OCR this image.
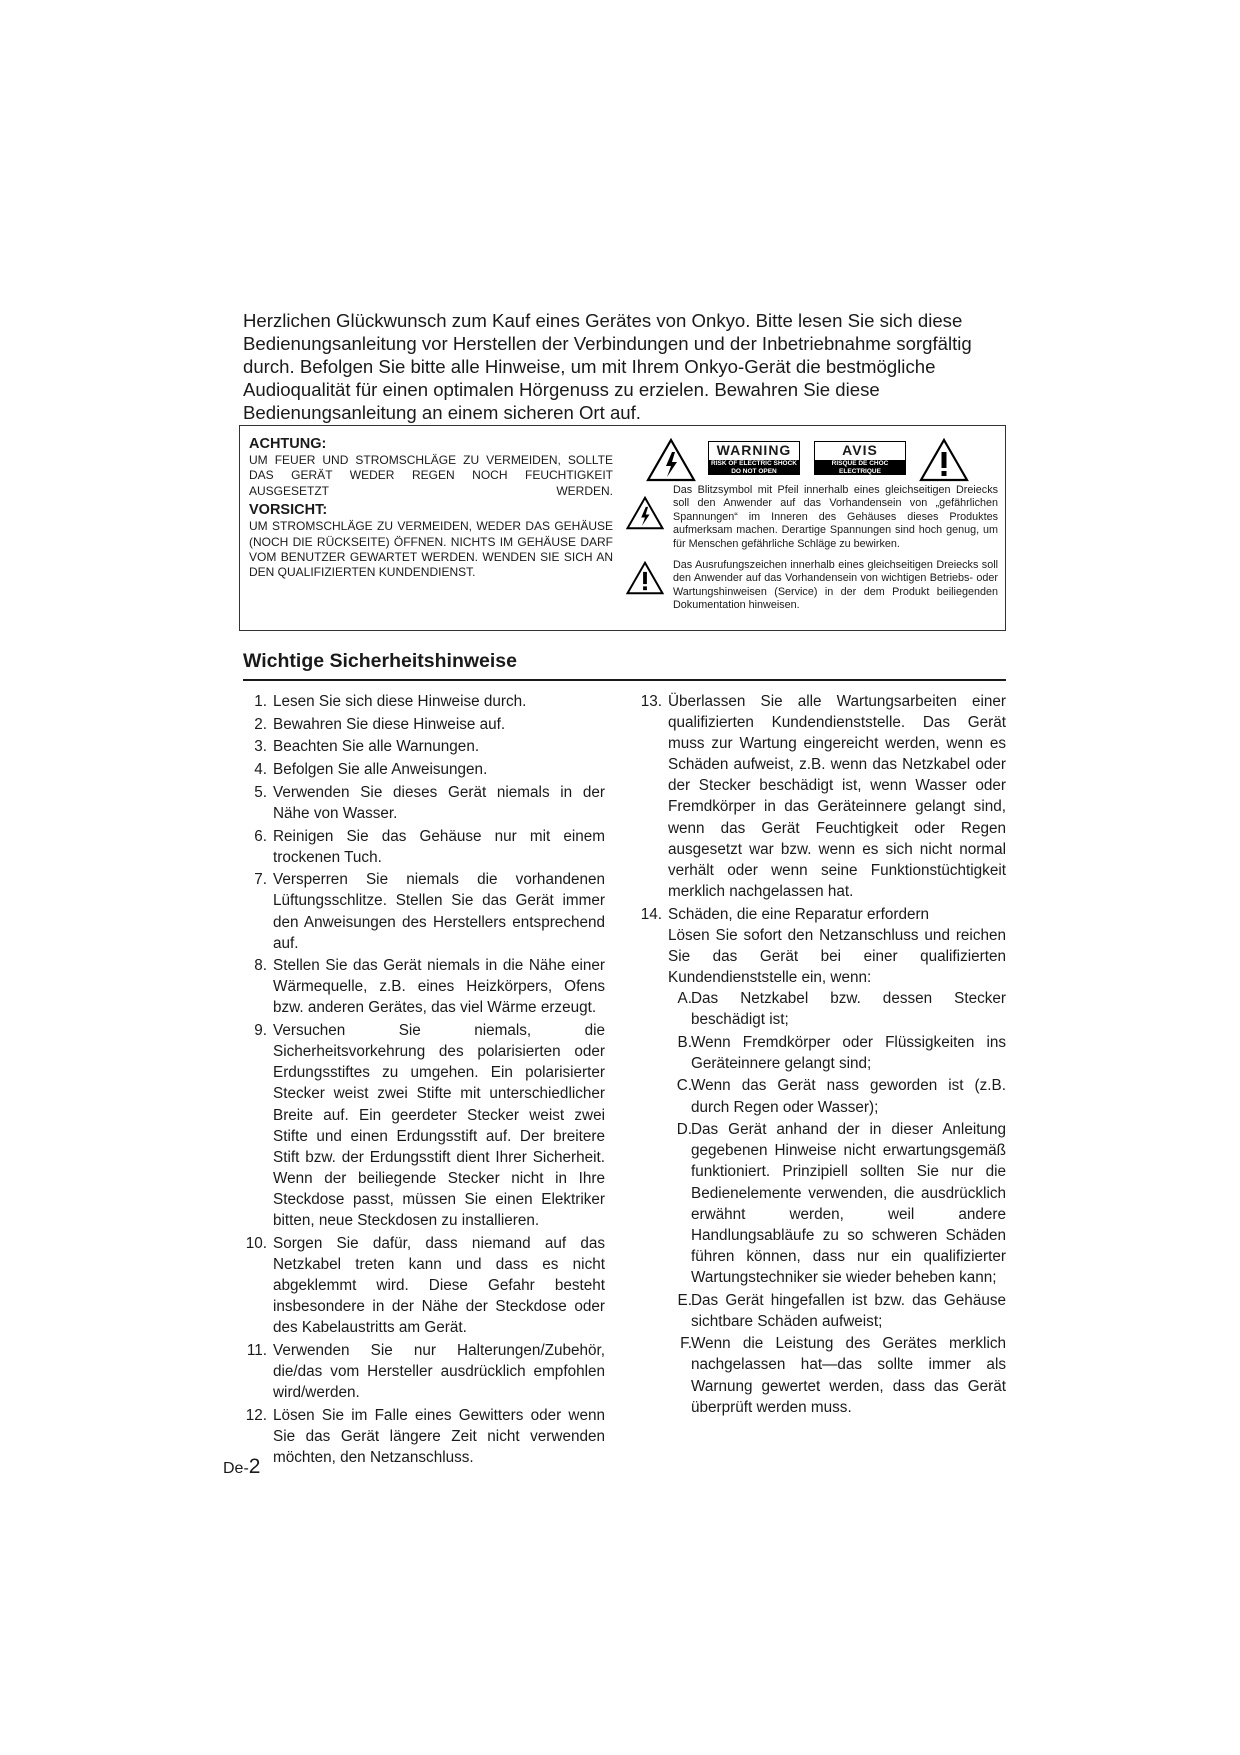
Herzlichen Glückwunsch zum Kauf eines Gerätes von Onkyo. Bitte lesen Sie sich diese Bedienungsanleitung vor Herstellen der Verbindungen und der Inbetriebnahme sorgfältig durch. Befolgen Sie bitte alle Hinweise, um mit Ihrem Onkyo-Gerät die bestmögliche Audioqualität für einen optimalen Hörgenuss zu erzielen. Bewahren Sie diese Bedienungsanleitung an einem sicheren Ort auf.

ACHTUNG:

UM FEUER UND STROMSCHLÄGE ZU VERMEIDEN, SOLLTE DAS GERÄT WEDER REGEN NOCH FEUCHTIGKEIT AUSGESETZT WERDEN.

VORSICHT:

UM STROMSCHLÄGE ZU VERMEIDEN, WEDER DAS GEHÄUSE (NOCH DIE RÜCKSEITE) ÖFFNEN. NICHTS IM GEHÄUSE DARF VOM BENUTZER GEWARTET WERDEN. WENDEN SIE SICH AN DEN QUALIFIZIERTEN KUNDENDIENST.

WARNING
RISK OF ELECTRIC SHOCK
DO NOT OPEN
AVIS
RISQUE DE CHOC ELECTRIQUE
NE PAS OUVRIR
Das Blitzsymbol mit Pfeil innerhalb eines gleichseitigen Dreiecks soll den Anwender auf das Vorhandensein von „gefährlichen Spannungen“ im Inneren des Gehäuses dieses Produktes aufmerksam machen. Derartige Spannungen sind hoch genug, um für Menschen gefährliche Schläge zu bewirken.
Das Ausrufungszeichen innerhalb eines gleichseitigen Dreiecks soll den Anwender auf das Vorhandensein von wichtigen Betriebs- oder Wartungshinweisen (Service) in der dem Produkt beiliegenden Dokumentation hinweisen.
Wichtige Sicherheitshinweise
1. Lesen Sie sich diese Hinweise durch.
2. Bewahren Sie diese Hinweise auf.
3. Beachten Sie alle Warnungen.
4. Befolgen Sie alle Anweisungen.
5. Verwenden Sie dieses Gerät niemals in der Nähe von Wasser.
6. Reinigen Sie das Gehäuse nur mit einem trockenen Tuch.
7. Versperren Sie niemals die vorhandenen Lüftungsschlitze. Stellen Sie das Gerät immer den Anweisungen des Herstellers entsprechend auf.
8. Stellen Sie das Gerät niemals in die Nähe einer Wärmequelle, z.B. eines Heizkörpers, Ofens bzw. anderen Gerätes, das viel Wärme erzeugt.
9. Versuchen Sie niemals, die Sicherheitsvorkehrung des polarisierten oder Erdungsstiftes zu umgehen. Ein polarisierter Stecker weist zwei Stifte mit unterschiedlicher Breite auf. Ein geerdeter Stecker weist zwei Stifte und einen Erdungsstift auf. Der breitere Stift bzw. der Erdungsstift dient Ihrer Sicherheit. Wenn der beiliegende Stecker nicht in Ihre Steckdose passt, müssen Sie einen Elektriker bitten, neue Steckdosen zu installieren.
10. Sorgen Sie dafür, dass niemand auf das Netzkabel treten kann und dass es nicht abgeklemmt wird. Diese Gefahr besteht insbesondere in der Nähe der Steckdose oder des Kabelaustritts am Gerät.
11. Verwenden Sie nur Halterungen/Zubehör, die/das vom Hersteller ausdrücklich empfohlen wird/werden.
12. Lösen Sie im Falle eines Gewitters oder wenn Sie das Gerät längere Zeit nicht verwenden möchten, den Netzanschluss.
13. Überlassen Sie alle Wartungsarbeiten einer qualifizierten Kundendienststelle. Das Gerät muss zur Wartung eingereicht werden, wenn es Schäden aufweist, z.B. wenn das Netzkabel oder der Stecker beschädigt ist, wenn Wasser oder Fremdkörper in das Geräteinnere gelangt sind, wenn das Gerät Feuchtigkeit oder Regen ausgesetzt war bzw. wenn es sich nicht normal verhält oder wenn seine Funktionstüchtigkeit merklich nachgelassen hat.
14. Schäden, die eine Reparatur erfordern
Lösen Sie sofort den Netzanschluss und reichen Sie das Gerät bei einer qualifizierten Kundendienststelle ein, wenn:
A. Das Netzkabel bzw. dessen Stecker beschädigt ist;
B. Wenn Fremdkörper oder Flüssigkeiten ins Geräteinnere gelangt sind;
C. Wenn das Gerät nass geworden ist (z.B. durch Regen oder Wasser);
D. Das Gerät anhand der in dieser Anleitung gegebenen Hinweise nicht erwartungsgemäß funktioniert. Prinzipiell sollten Sie nur die Bedienelemente verwenden, die ausdrücklich erwähnt werden, weil andere Handlungsabläufe zu so schweren Schäden führen können, dass nur ein qualifizierter Wartungstechniker sie wieder beheben kann;
E. Das Gerät hingefallen ist bzw. das Gehäuse sichtbare Schäden aufweist;
F. Wenn die Leistung des Gerätes merklich nachgelassen hat—das sollte immer als Warnung gewertet werden, dass das Gerät überprüft werden muss.
De-2
